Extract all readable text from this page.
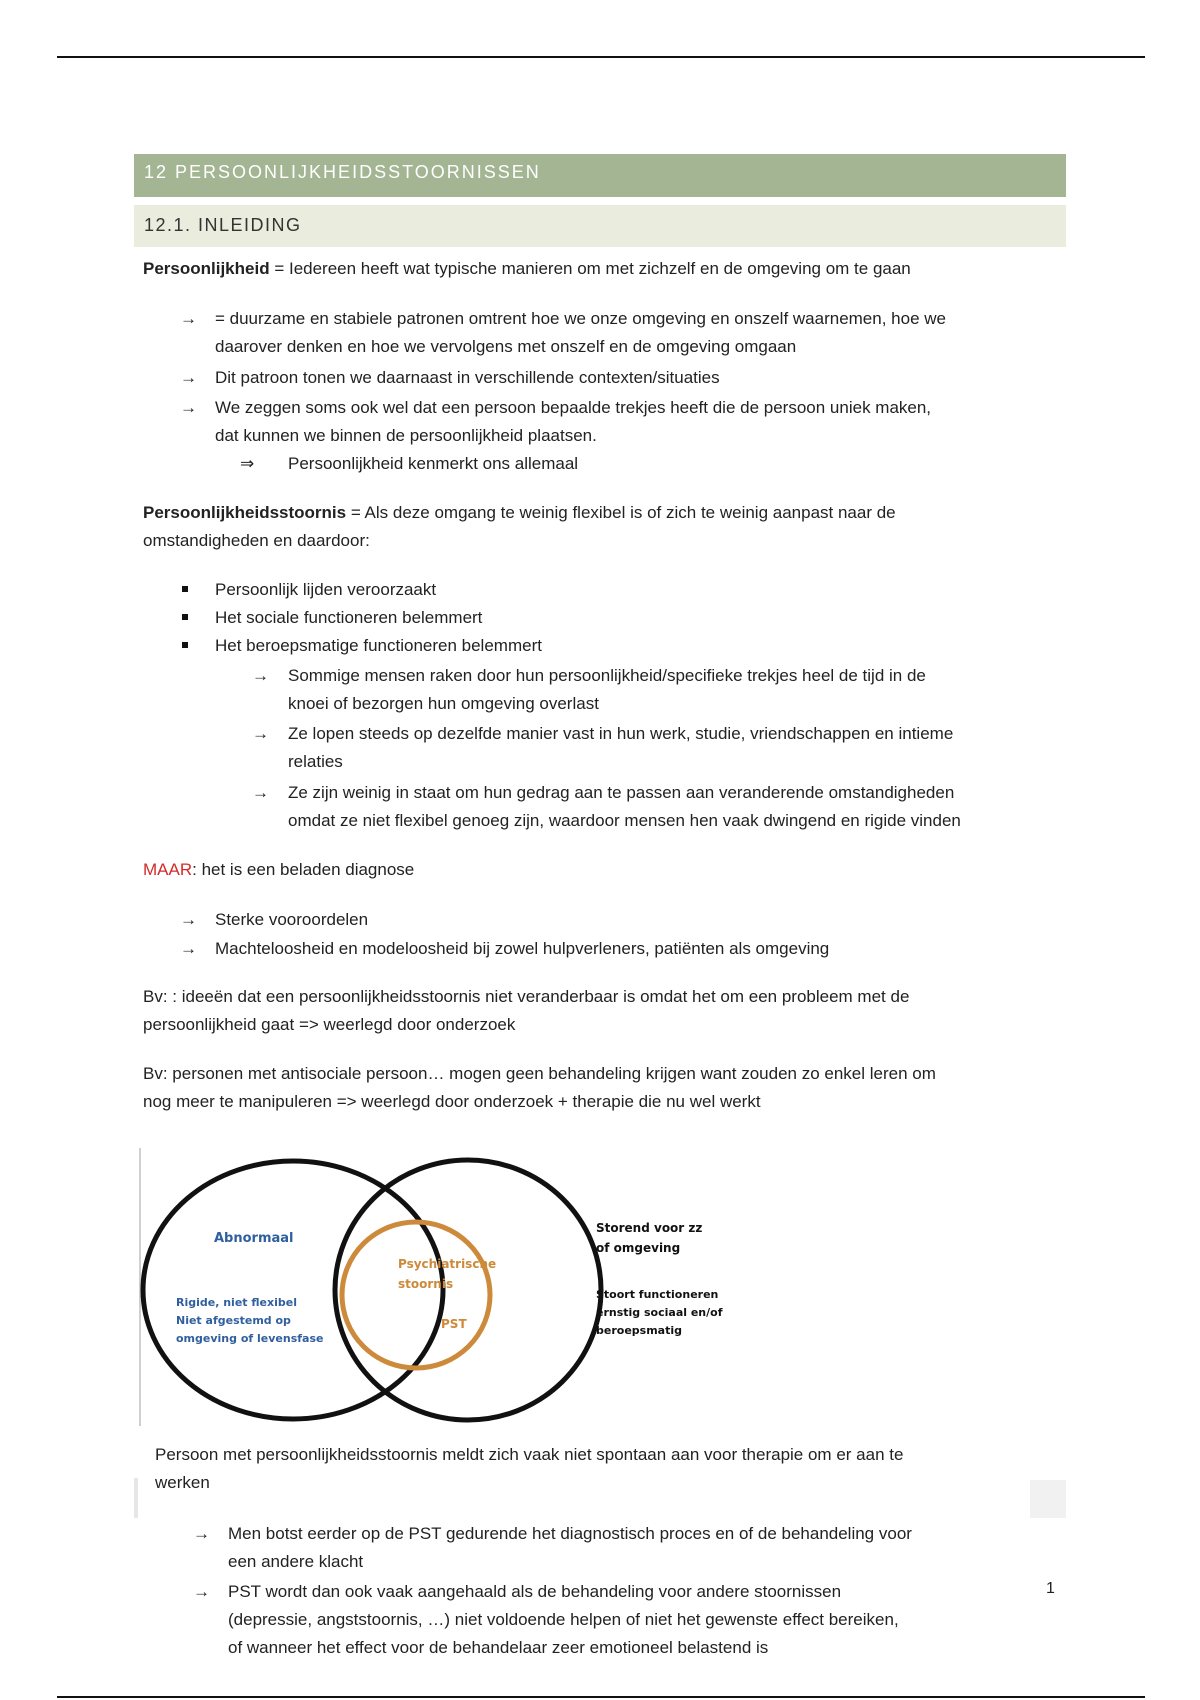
12 PERSOONLIJKHEIDSSTOORNISSEN
12.1. INLEIDING
Persoonlijkheid = Iedereen heeft wat typische manieren om met zichzelf en de omgeving om te gaan
→ = duurzame en stabiele patronen omtrent hoe we onze omgeving en onszelf waarnemen, hoe we
daarover denken en hoe we vervolgens met onszelf en de omgeving omgaan
→ Dit patroon tonen we daarnaast in verschillende contexten/situaties
→ We zeggen soms ook wel dat een persoon bepaalde trekjes heeft die de persoon uniek maken,
dat kunnen we binnen de persoonlijkheid plaatsen.
⇒ Persoonlijkheid kenmerkt ons allemaal
Persoonlijkheidsstoornis = Als deze omgang te weinig flexibel is of zich te weinig aanpast naar de
omstandigheden en daardoor:
Persoonlijk lijden veroorzaakt
Het sociale functioneren belemmert
Het beroepsmatige functioneren belemmert
→ Sommige mensen raken door hun persoonlijkheid/specifieke trekjes heel de tijd in de
knoei of bezorgen hun omgeving overlast
→ Ze lopen steeds op dezelfde manier vast in hun werk, studie, vriendschappen en intieme
relaties
→ Ze zijn weinig in staat om hun gedrag aan te passen aan veranderende omstandigheden
omdat ze niet flexibel genoeg zijn, waardoor mensen hen vaak dwingend en rigide vinden
MAAR: het is een beladen diagnose
→ Sterke vooroordelen
→ Machteloosheid en modeloosheid bij zowel hulpverleners, patiënten als omgeving
Bv: : ideeën dat een persoonlijkheidsstoornis niet veranderbaar is omdat het om een probleem met de
persoonlijkheid gaat => weerlegd door onderzoek
Bv: personen met antisociale persoon… mogen geen behandeling krijgen want zouden zo enkel leren om
nog meer te manipuleren => weerlegd door onderzoek + therapie die nu wel werkt
Abnormaal
Rigide, niet flexibel
Niet afgestemd op
omgeving of levensfase
Psychiatrische
stoornis
PST
Storend voor zz
of omgeving
Stoort functioneren
ernstig sociaal en/of
beroepsmatig
Persoon met persoonlijkheidsstoornis meldt zich vaak niet spontaan aan voor therapie om er aan te
werken
→ Men botst eerder op de PST gedurende het diagnostisch proces en of de behandeling voor
een andere klacht
→ PST wordt dan ook vaak aangehaald als de behandeling voor andere stoornissen
(depressie, angststoornis, …) niet voldoende helpen of niet het gewenste effect bereiken,
of wanneer het effect voor de behandelaar zeer emotioneel belastend is
1
